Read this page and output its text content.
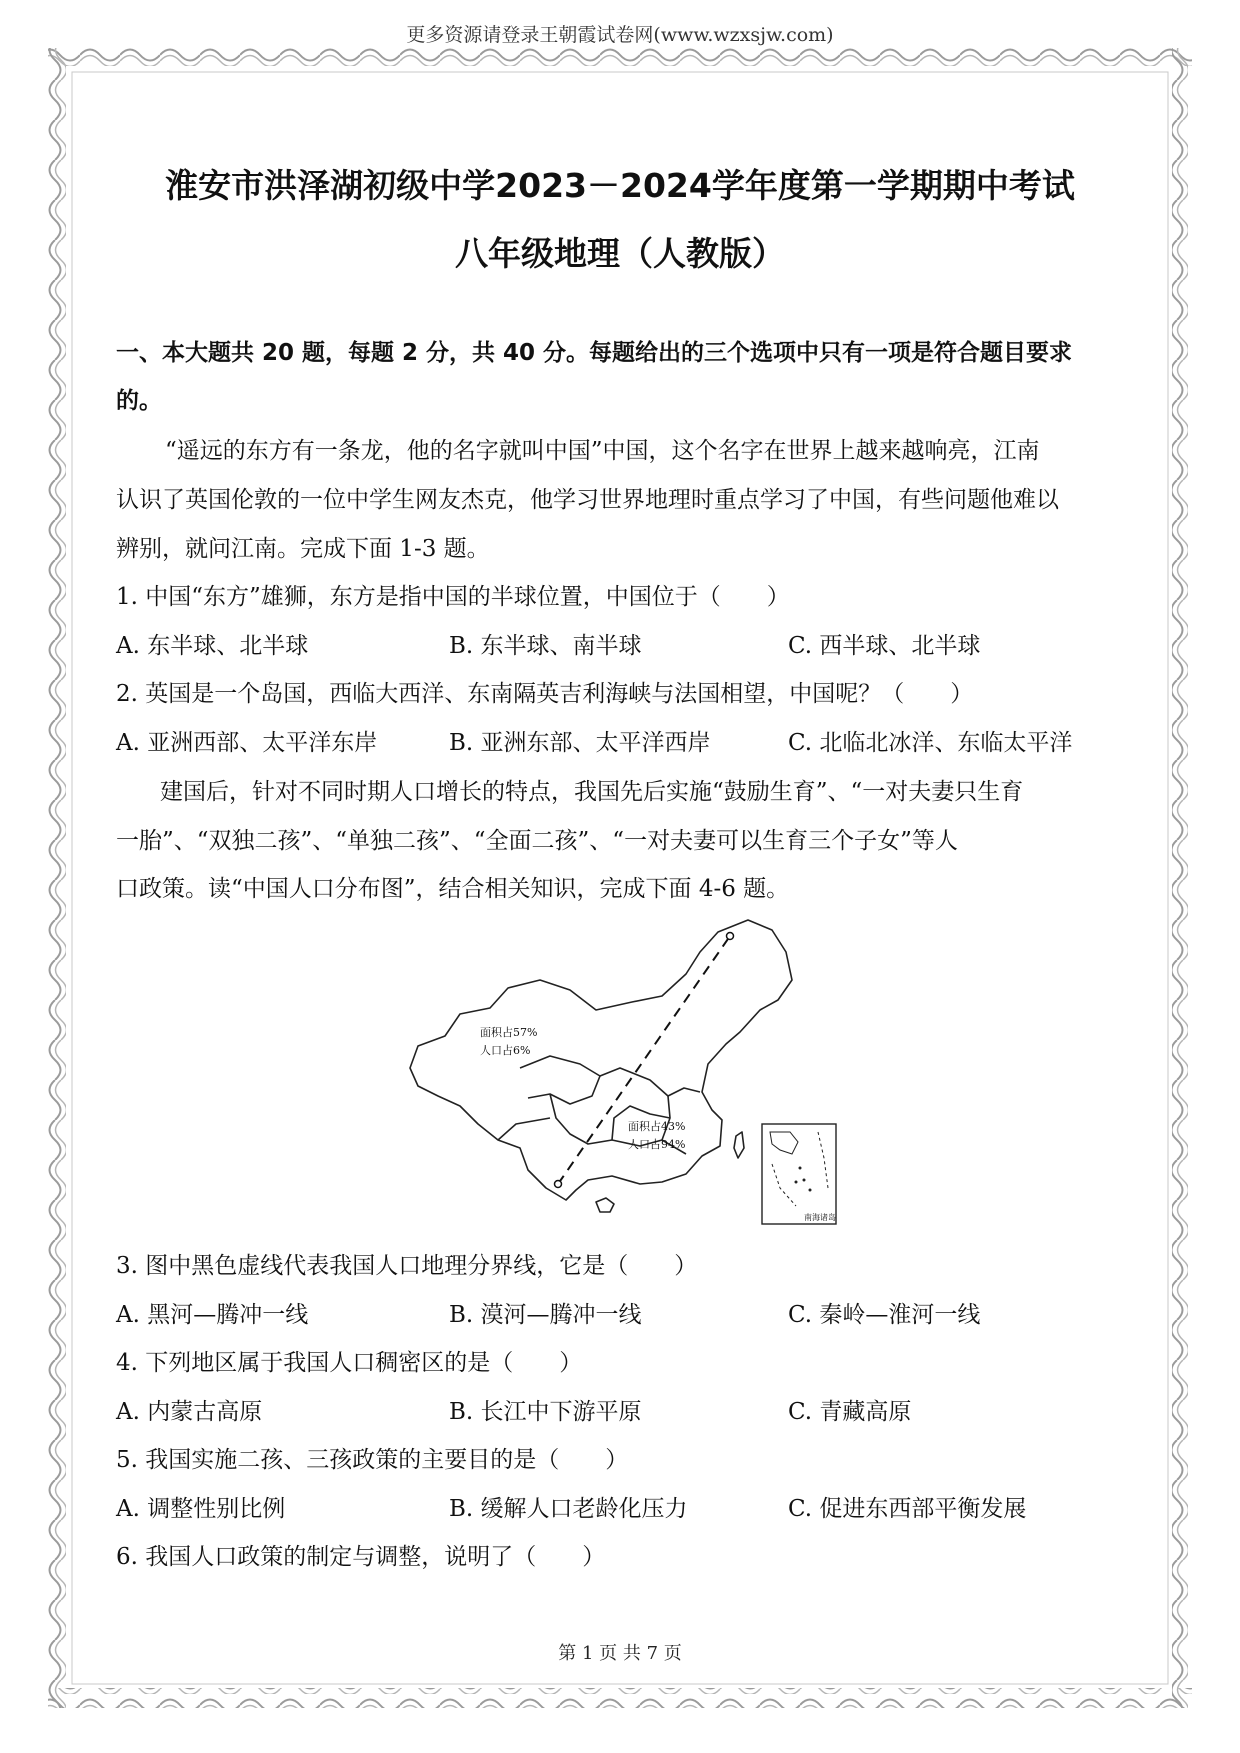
更多资源请登录王朝霞试卷网(www.wzxsjw.com)
淮安市洪泽湖初级中学2023－2024学年度第一学期期中考试
八年级地理（人教版）
一、本大题共 20 题，每题 2 分，共 40 分。每题给出的三个选项中只有一项是符合题目要求
的。
“遥远的东方有一条龙，他的名字就叫中国”中国，这个名字在世界上越来越响亮，江南
认识了英国伦敦的一位中学生网友杰克，他学习世界地理时重点学习了中国，有些问题他难以
辨别，就问江南。完成下面 1-3 题。
1. 中国“东方”雄狮，东方是指中国的半球位置，中国位于（　　）
A. 东半球、北半球	B. 东半球、南半球	C. 西半球、北半球
2. 英国是一个岛国，西临大西洋、东南隔英吉利海峡与法国相望，中国呢？（　　）
A. 亚洲西部、太平洋东岸	B. 亚洲东部、太平洋西岸	C. 北临北冰洋、东临太平洋
建国后，针对不同时期人口增长的特点，我国先后实施“鼓励生育”、“一对夫妻只生育
一胎”、“双独二孩”、“单独二孩”、“全面二孩”、“一对夫妻可以生育三个子女”等人
口政策。读“中国人口分布图”，结合相关知识，完成下面 4-6 题。
面积占57%
人口占6%
面积占43%
人口占94%
南海诸岛
3. 图中黑色虚线代表我国人口地理分界线，它是（　　）
A. 黑河—腾冲一线	B. 漠河—腾冲一线	C. 秦岭—淮河一线
4. 下列地区属于我国人口稠密区的是（　　）
A. 内蒙古高原	B. 长江中下游平原	C. 青藏高原
5. 我国实施二孩、三孩政策的主要目的是（　　）
A. 调整性别比例	B. 缓解人口老龄化压力	C. 促进东西部平衡发展
6. 我国人口政策的制定与调整，说明了（　　）
第 1 页 共 7 页
